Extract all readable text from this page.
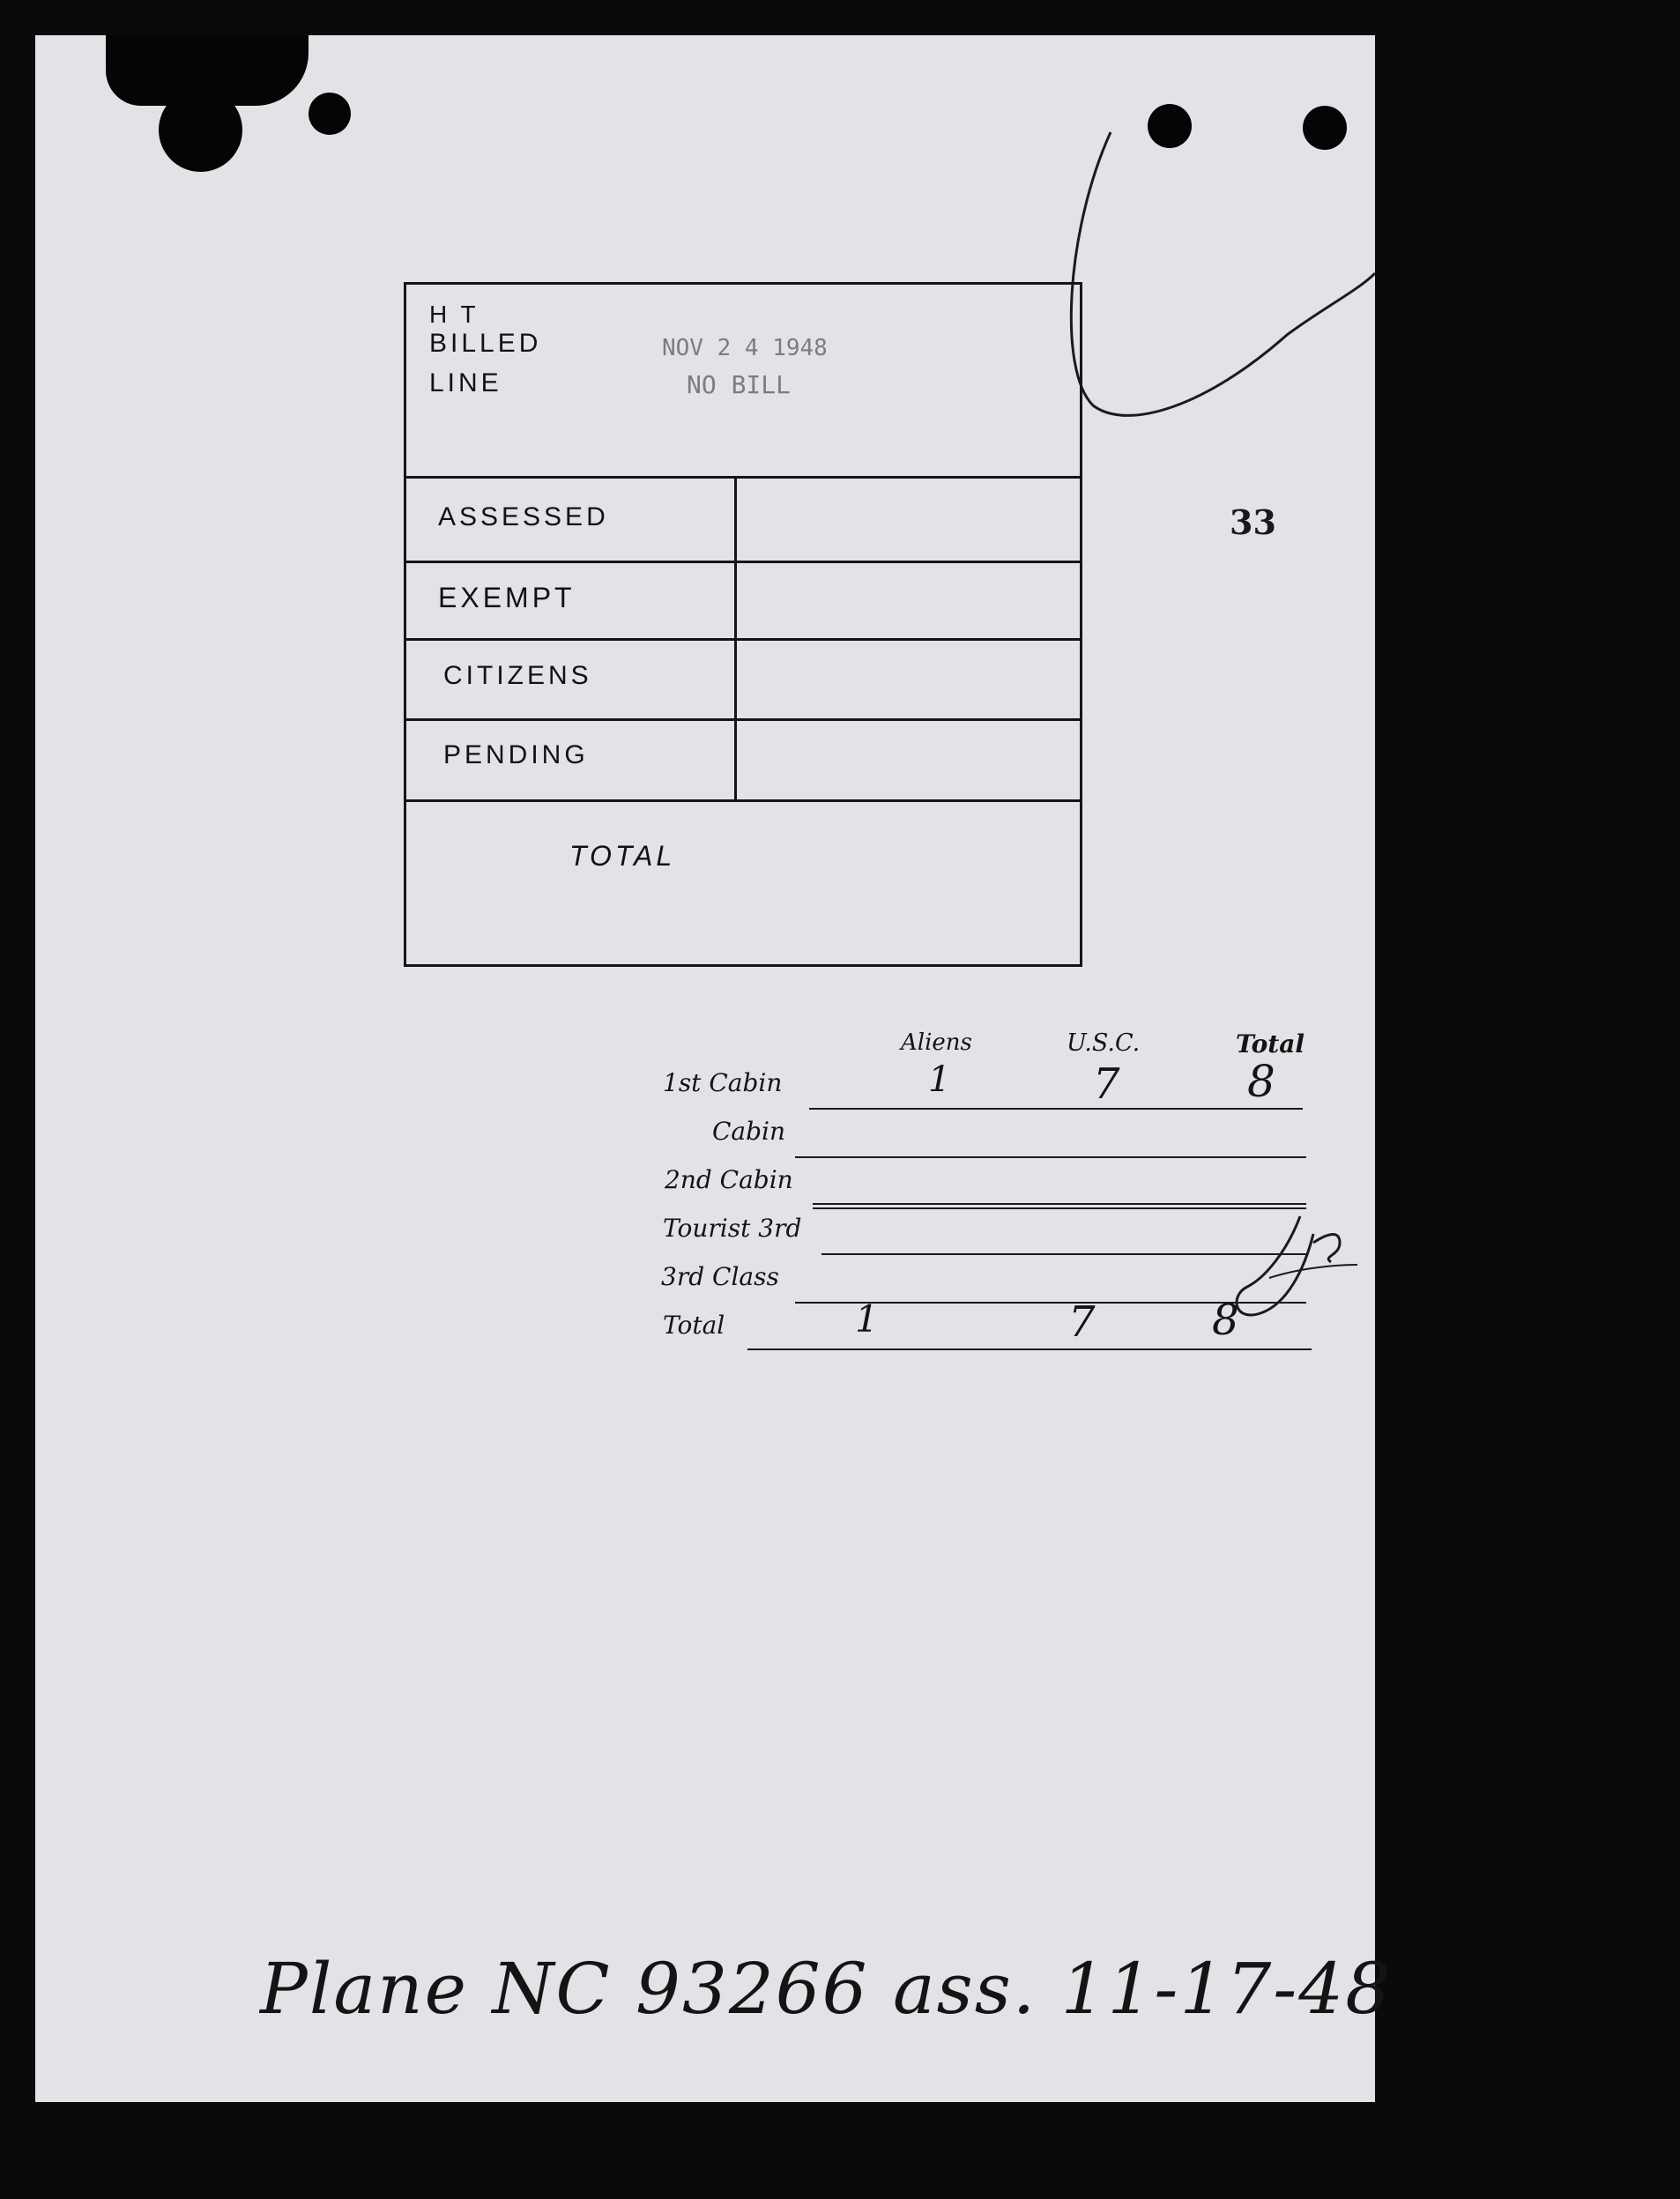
33
H T
BILLED
LINE
NOV 2 4 1948
NO BILL
ASSESSED
EXEMPT
CITIZENS
PENDING
TOTAL
Aliens	U.S.C.	Total
1st Cabin	1	7	8
Cabin
2nd Cabin
Tourist 3rd
3rd Class
Total	1	7	8
Plane NC 93266 ass. 11-17-48
